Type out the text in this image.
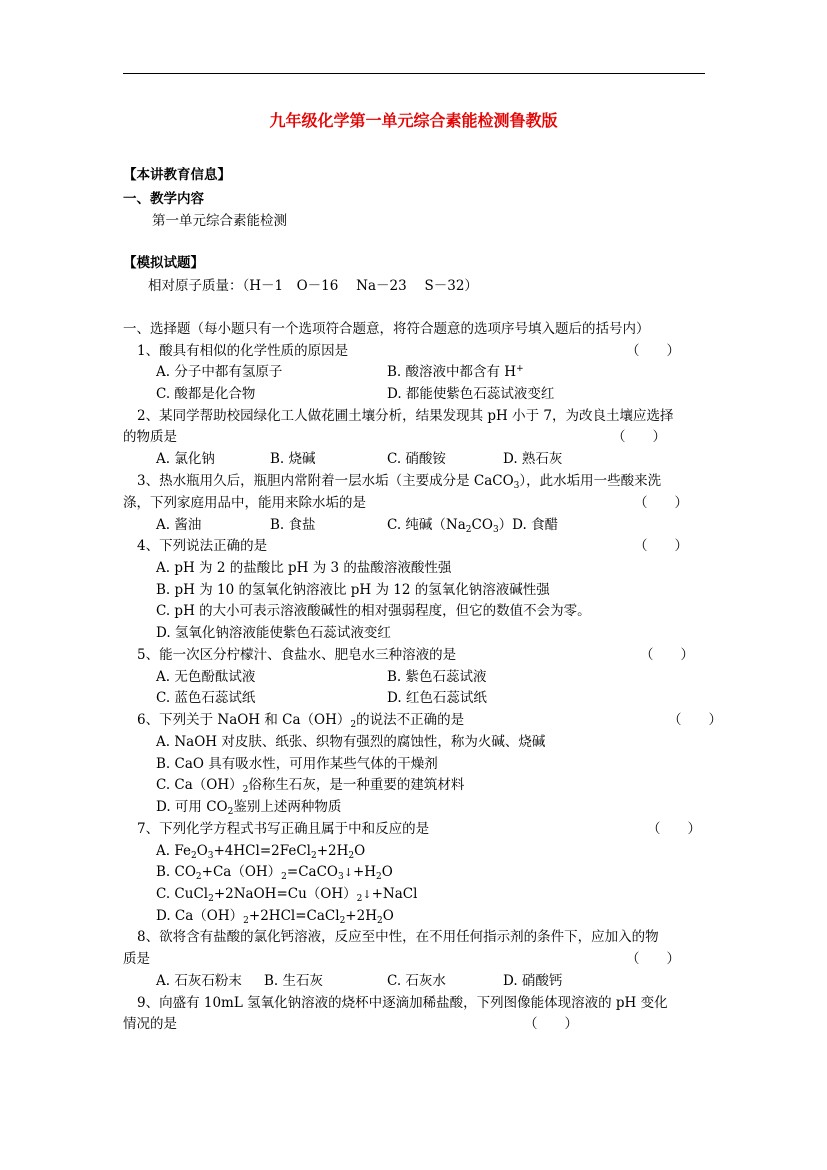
九年级化学第一单元综合素能检测鲁教版
【本讲教育信息】
一、教学内容
第一单元综合素能检测
【模拟试题】
相对原子质量：（H－1　O－16　 Na－23　 S－32）
一、选择题（每小题只有一个选项符合题意，将符合题意的选项序号填入题后的括号内）
1、酸具有相似的化学性质的原因是	（　　）
A. 分子中都有氢原子	B. 酸溶液中都含有 H+
C. 酸都是化合物	D. 都能使紫色石蕊试液变红
2、某同学帮助校园绿化工人做花圃土壤分析，结果发现其 pH 小于 7，为改良土壤应选择
的物质是	（　　）
A. 氯化钠	B. 烧碱	C. 硝酸铵	D. 熟石灰
3、热水瓶用久后，瓶胆内常附着一层水垢（主要成分是 CaCO$_3$），此水垢用一些酸来洗
涤，下列家庭用品中，能用来除水垢的是	（　　）
A. 酱油	B. 食盐	C. 纯碱$(Na_2CO_3)D$. 食醋
4、下列说法正确的是	（　　）
A. pH 为 2 的盐酸比 pH 为 3 的盐酸溶液酸性强
B. pH 为 10 的氢氧化钠溶液比 pH 为 12 的氢氧化钠溶液碱性强
C. pH 的大小可表示溶液酸碱性的相对强弱程度，但它的数值不会为零。
D. 氢氧化钠溶液能使紫色石蕊试液变红
5、能一次区分柠檬汁、食盐水、肥皂水三种溶液的是	（　　）
A. 无色酚酞试液	B. 紫色石蕊试液
C. 蓝色石蕊试纸	D. 红色石蕊试纸
6、下列关于 NaOH 和 $Ca(OH)_2$的说法不正确的是	（　　）
A. NaOH 对皮肤、纸张、织物有强烈的腐蚀性，称为火碱、烧碱
B. CaO 具有吸水性，可用作某些气体的干燥剂
C. $Ca(OH)_2$俗称生石灰，是一种重要的建筑材料
D. 可用 $CO_2$鉴别上述两种物质
7、下列化学方程式书写正确且属于中和反应的是	（　　）
A. $Fe_2O_3+4HCl=2FeCl_2+2H_2O$
B. $CO_2+Ca(OH)_2=CaCO_3↓+H_2O$
C. $CuCl_2+2NaOH=Cu(OH)_2↓+NaCl$
D. $Ca(OH)_2+2HCl=CaCl_2+2H_2O$
8、欲将含有盐酸的氯化钙溶液，反应至中性，在不用任何指示剂的条件下，应加入的物
质是	（　　）
A. 石灰石粉末 B. 生石灰	C. 石灰水	D. 硝酸钙
9、向盛有 10mL 氢氧化钠溶液的烧杯中逐滴加稀盐酸，下列图像能体现溶液的 pH 变化
情况的是	（　　）
